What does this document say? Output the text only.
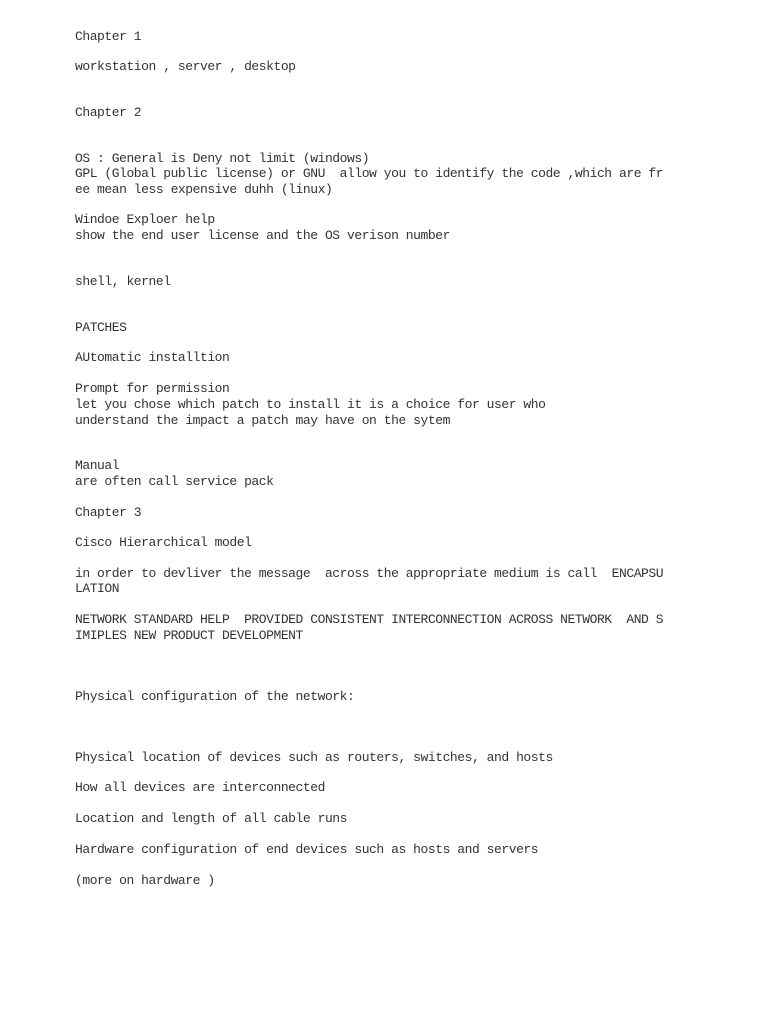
Chapter 1
workstation , server , desktop
Chapter 2
OS : General is Deny not limit (windows)
GPL (Global public license) or GNU  allow you to identify the code ,which are fr
ee mean less expensive duhh (linux)
Windoe Exploer help
show the end user license and the OS verison number
shell, kernel
PATCHES
AUtomatic installtion
Prompt for permission
let you chose which patch to install it is a choice for user who
understand the impact a patch may have on the sytem
Manual
are often call service pack
Chapter 3
Cisco Hierarchical model
in order to devliver the message  across the appropriate medium is call  ENCAPSU
LATION
NETWORK STANDARD HELP  PROVIDED CONSISTENT INTERCONNECTION ACROSS NETWORK  AND S
IMIPLES NEW PRODUCT DEVELOPMENT
Physical configuration of the network:
Physical location of devices such as routers, switches, and hosts
How all devices are interconnected
Location and length of all cable runs
Hardware configuration of end devices such as hosts and servers
(more on hardware )
